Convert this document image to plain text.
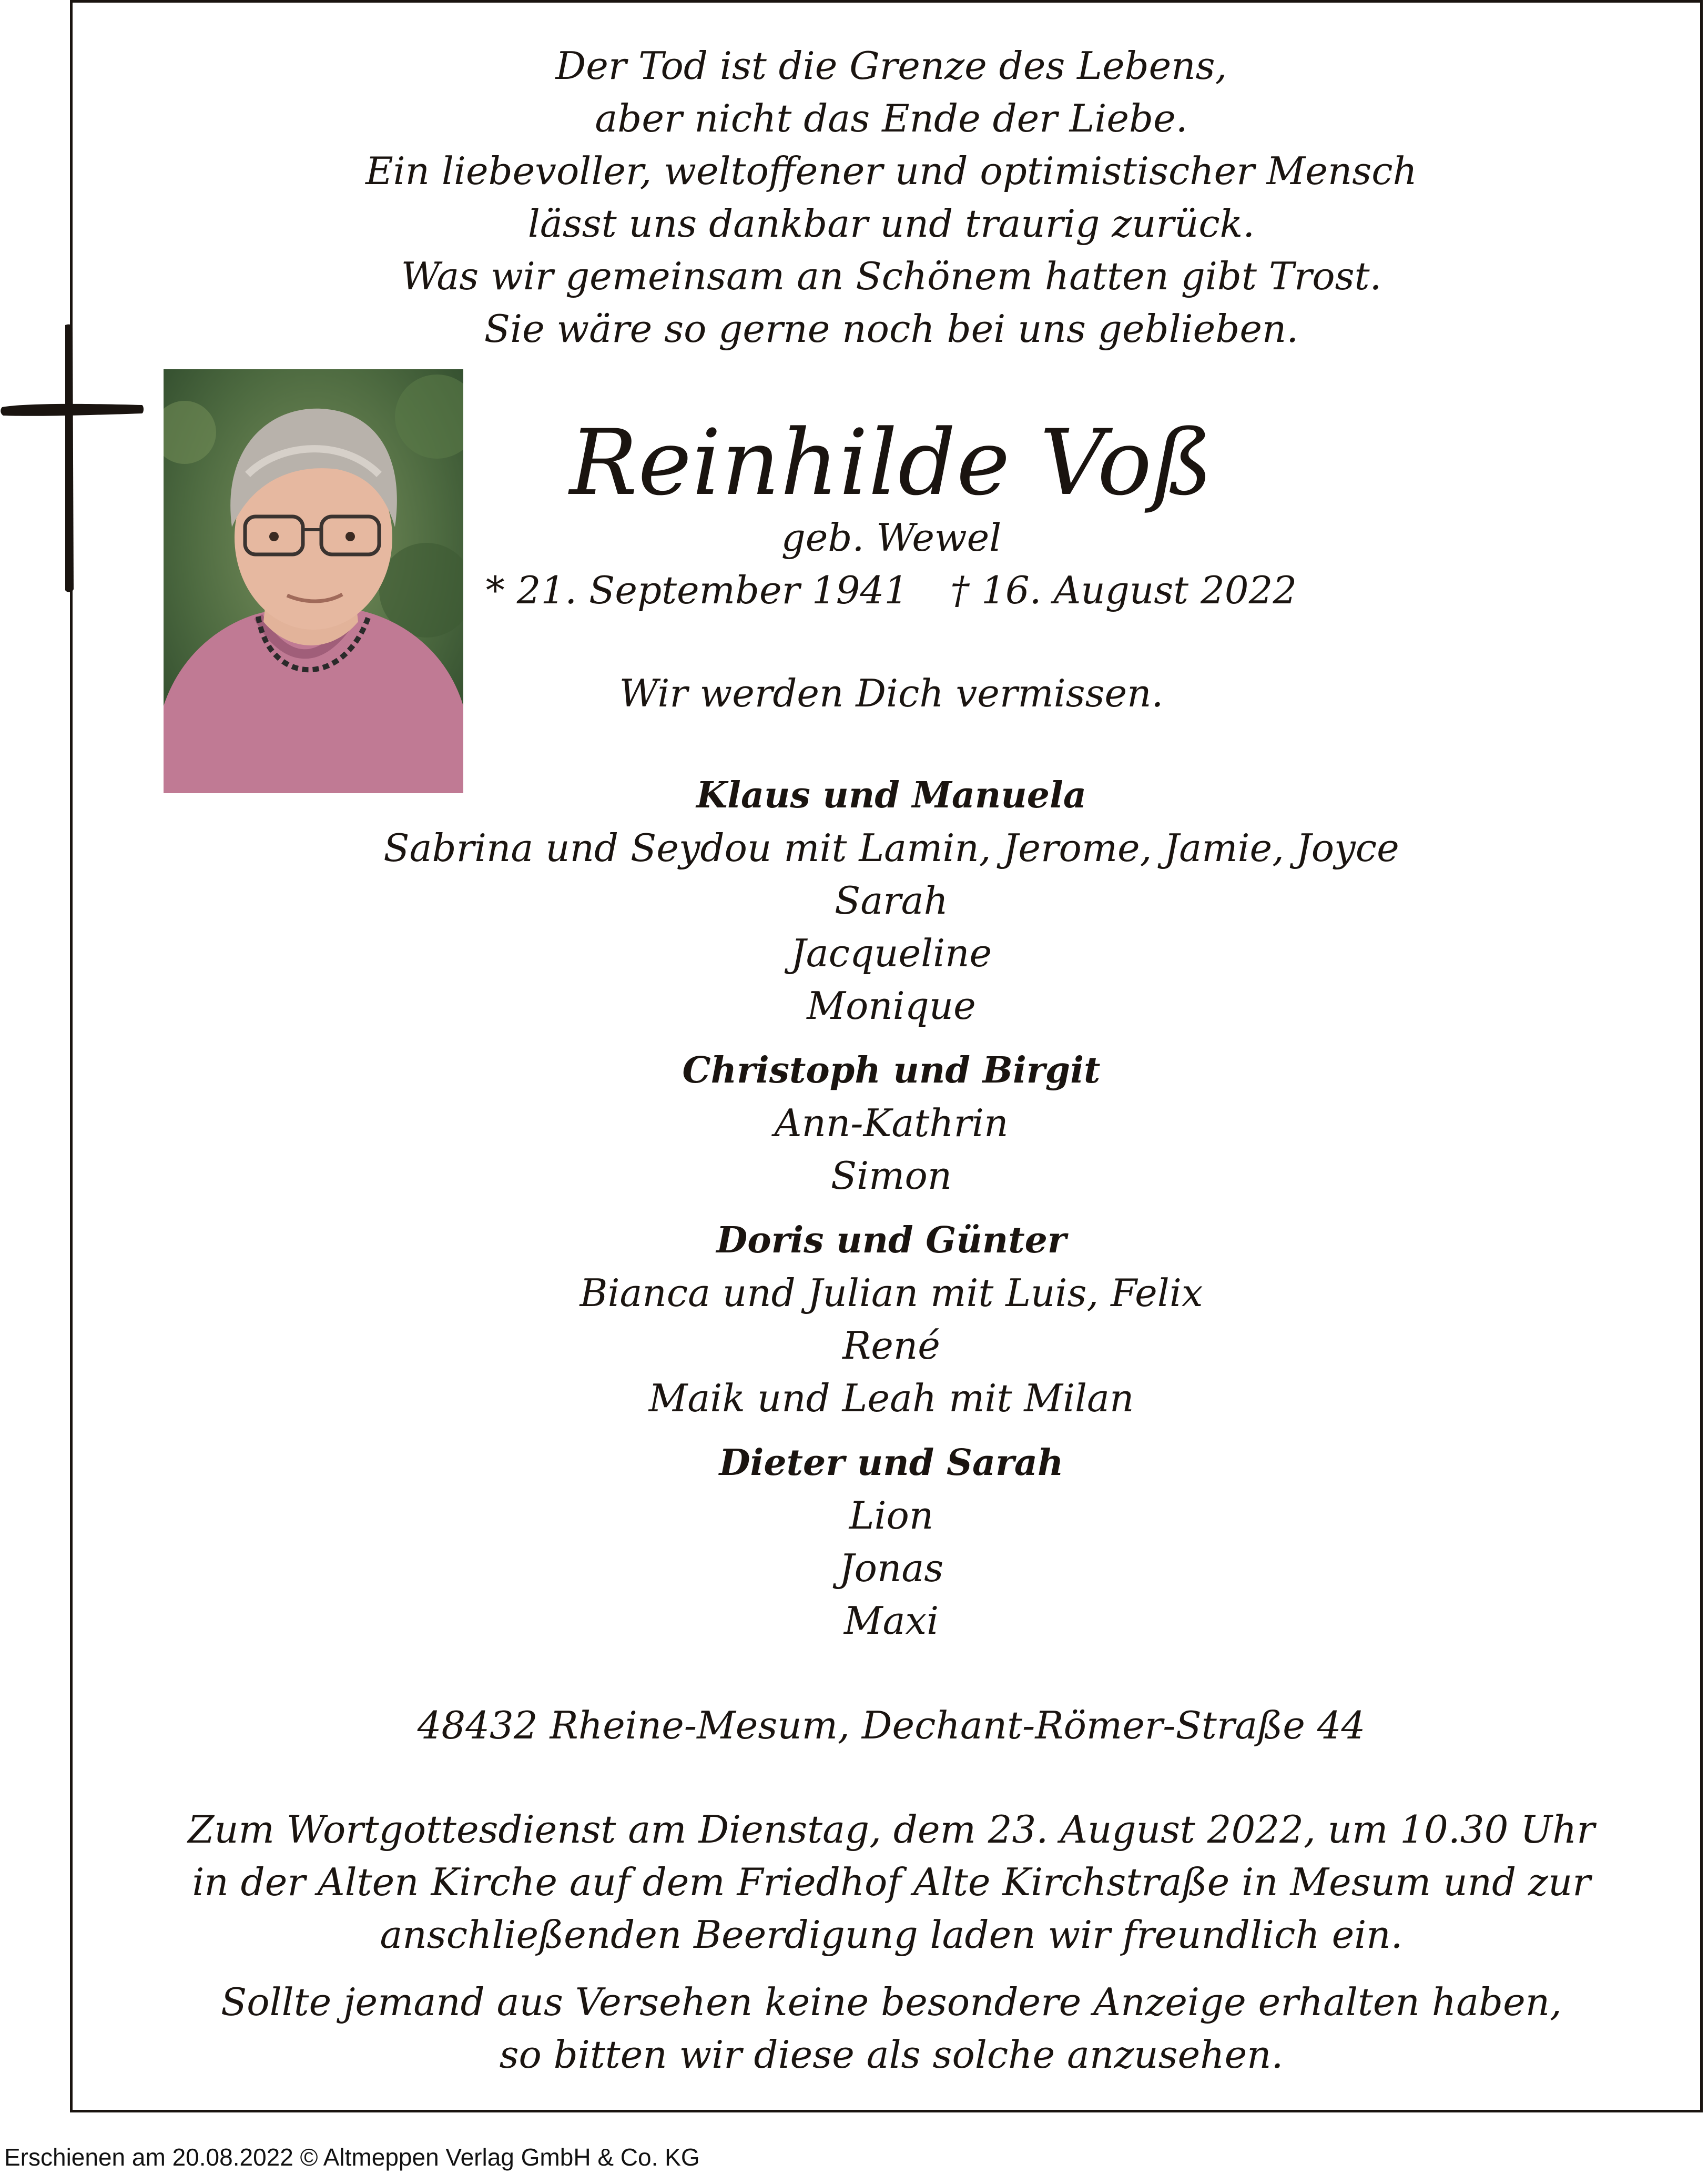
Der Tod ist die Grenze des Lebens,
aber nicht das Ende der Liebe.
Ein liebevoller, weltoffener und optimistischer Mensch
lässt uns dankbar und traurig zurück.
Was wir gemeinsam an Schönem hatten gibt Trost.
Sie wäre so gerne noch bei uns geblieben.
Reinhilde Voß
geb. Wewel
* 21. September 1941 † 16. August 2022
Wir werden Dich vermissen.
Klaus und Manuela
Sabrina und Seydou mit Lamin, Jerome, Jamie, Joyce
Sarah
Jacqueline
Monique
Christoph und Birgit
Ann-Kathrin
Simon
Doris und Günter
Bianca und Julian mit Luis, Felix
René
Maik und Leah mit Milan
Dieter und Sarah
Lion
Jonas
Maxi
48432 Rheine-Mesum, Dechant-Römer-Straße 44
Zum Wortgottesdienst am Dienstag, dem 23. August 2022, um 10.30 Uhr
in der Alten Kirche auf dem Friedhof Alte Kirchstraße in Mesum und zur
anschließenden Beerdigung laden wir freundlich ein.
Sollte jemand aus Versehen keine besondere Anzeige erhalten haben,
so bitten wir diese als solche anzusehen.
Erschienen am 20.08.2022 © Altmeppen Verlag GmbH & Co. KG
